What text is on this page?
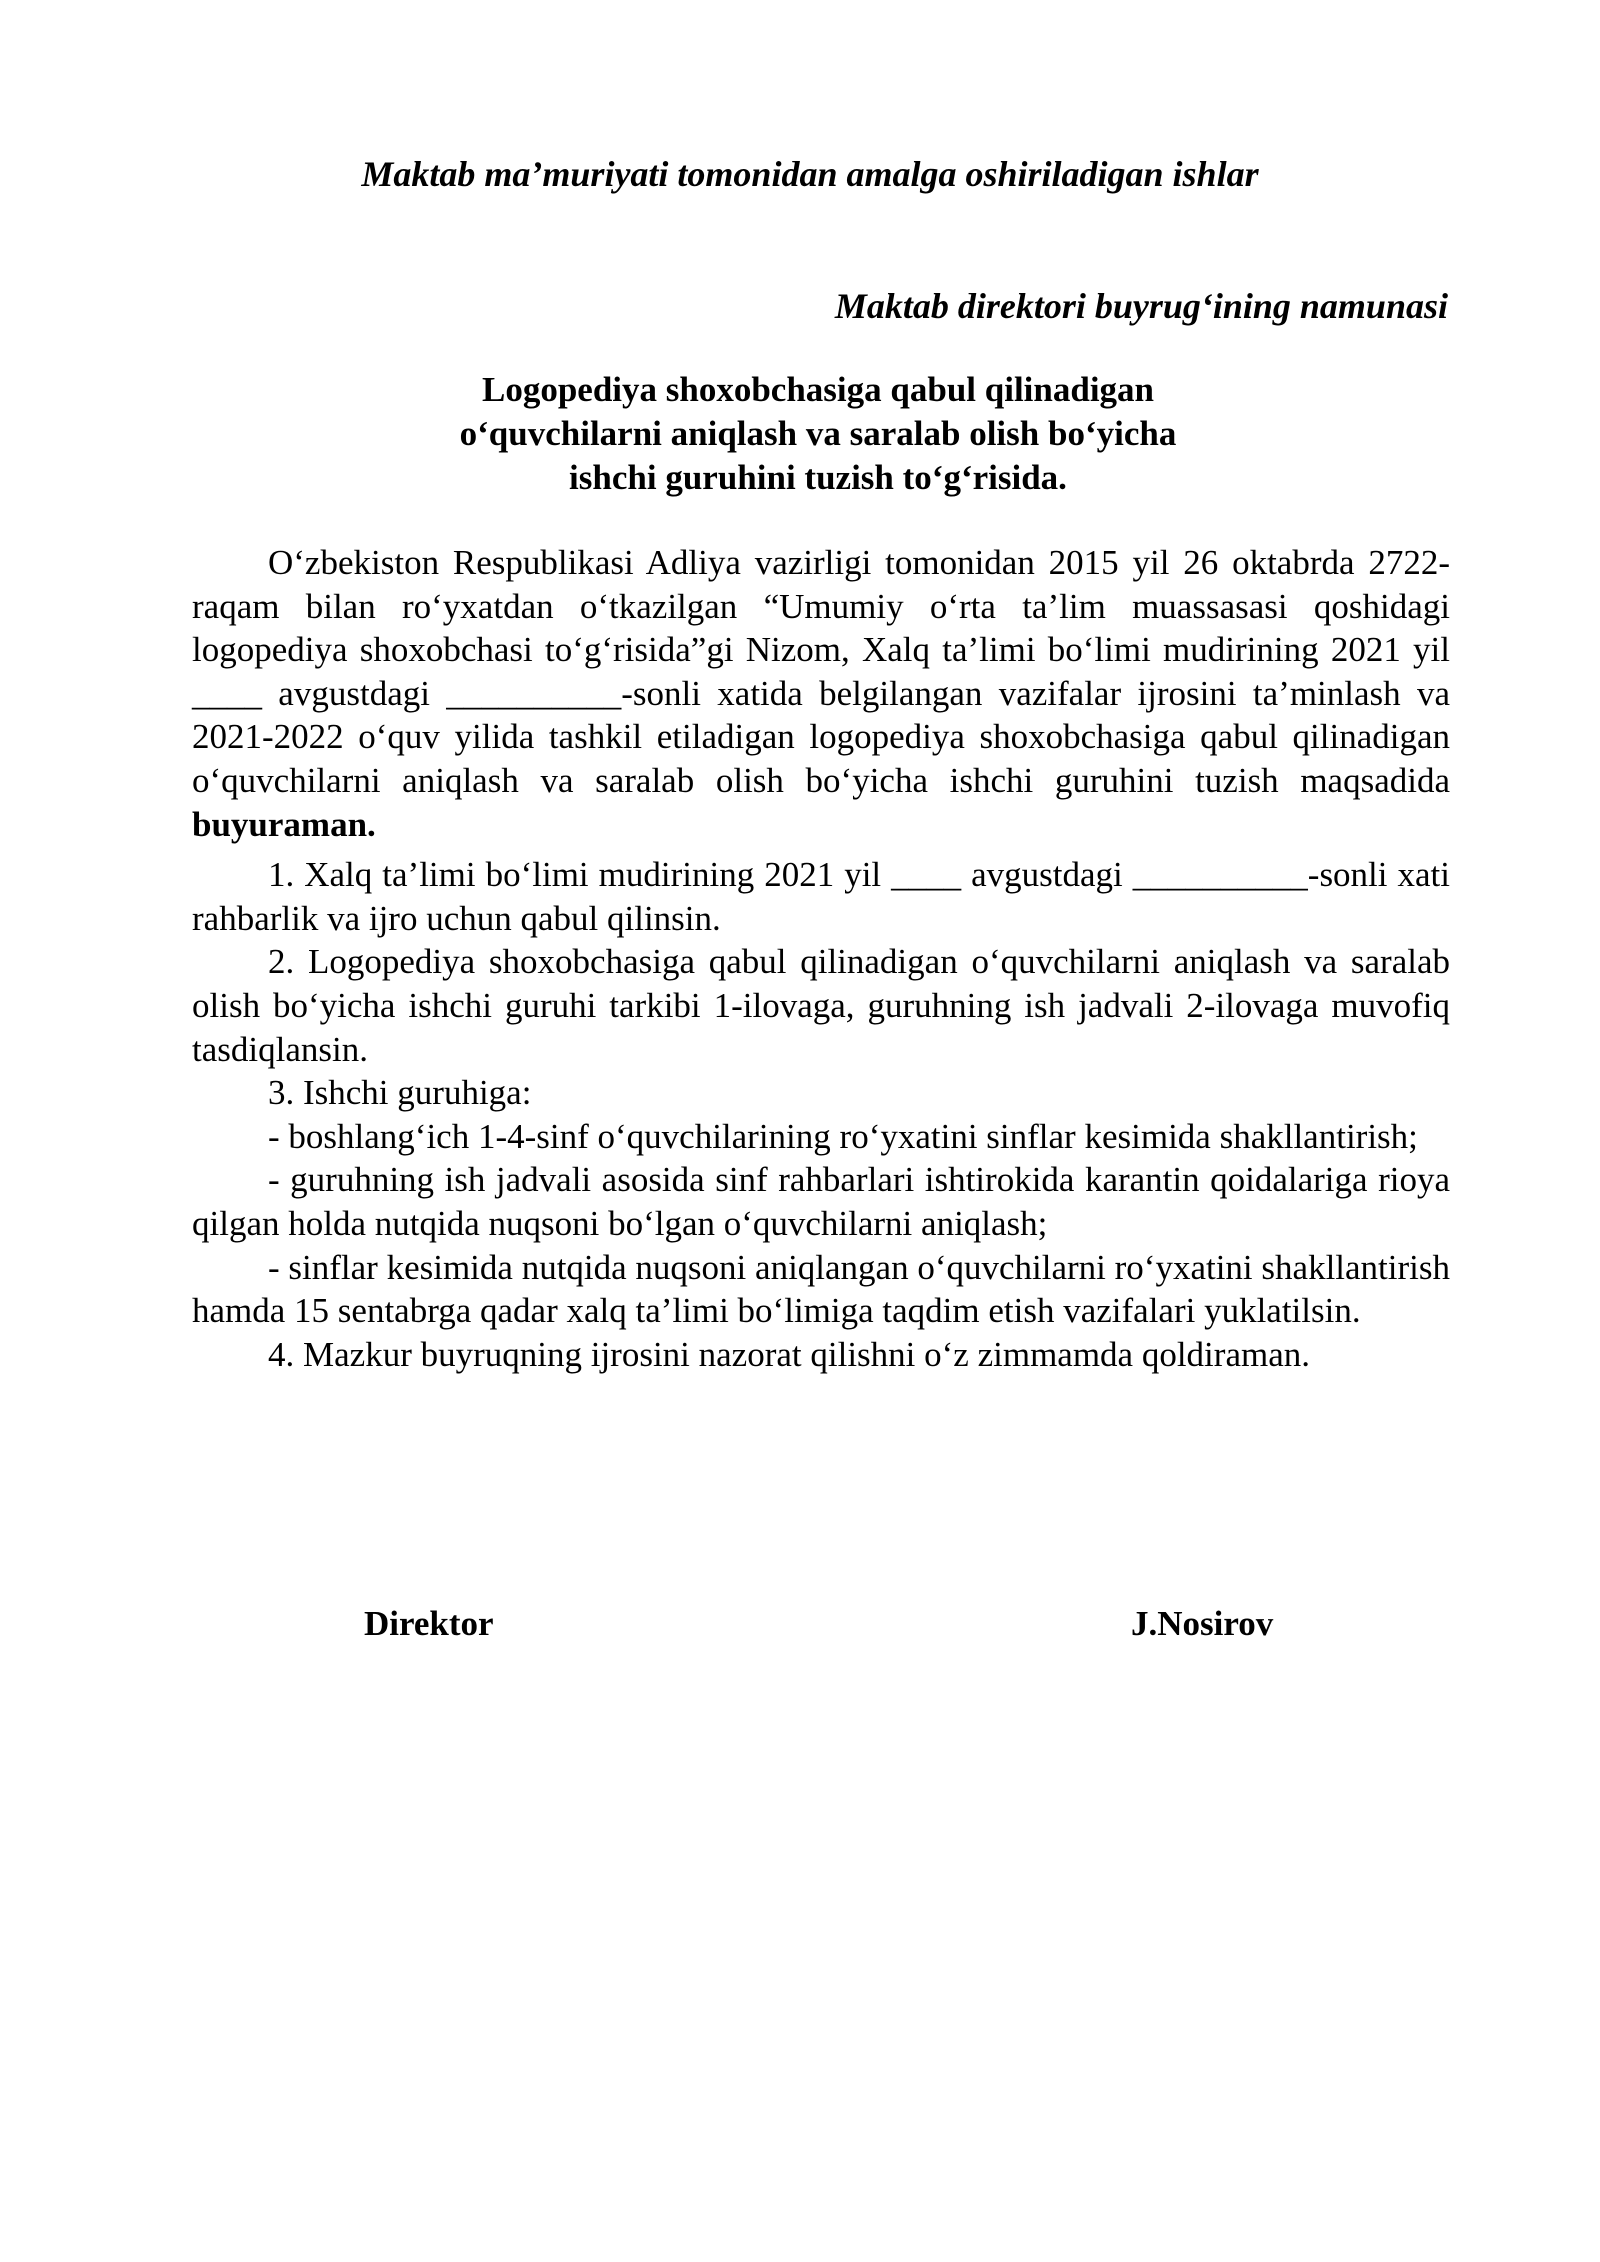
Maktab ma’muriyati tomonidan amalga oshiriladigan ishlar
Maktab direktori buyrug‘ining namunasi
Logopediya shoxobchasiga qabul qilinadigan
o‘quvchilarni aniqlash va saralab olish bo‘yicha
ishchi guruhini tuzish to‘g‘risida.

O‘zbekiston Respublikasi Adliya vazirligi tomonidan 2015 yil 26 oktabrda 2722-raqam bilan ro‘yxatdan o‘tkazilgan “Umumiy o‘rta ta’lim muassasasi qoshidagi logopediya shoxobchasi to‘g‘risida”gi Nizom, Xalq ta’limi bo‘limi mudirining 2021 yil ____ avgustdagi __________-sonli xatida belgilangan vazifalar ijrosini ta’minlash va 2021-2022 o‘quv yilida tashkil etiladigan logopediya shoxobchasiga qabul qilinadigan o‘quvchilarni aniqlash va saralab olish bo‘yicha ishchi guruhini tuzish maqsadida buyuraman.

1. Xalq ta’limi bo‘limi mudirining 2021 yil ____ avgustdagi __________-sonli xati rahbarlik va ijro uchun qabul qilinsin.

2. Logopediya shoxobchasiga qabul qilinadigan o‘quvchilarni aniqlash va saralab olish bo‘yicha ishchi guruhi tarkibi 1-ilovaga, guruhning ish jadvali 2-ilovaga muvofiq tasdiqlansin.

3. Ishchi guruhiga:

- boshlang‘ich 1-4-sinf o‘quvchilarining ro‘yxatini sinflar kesimida shakllantirish;

- guruhning ish jadvali asosida sinf rahbarlari ishtirokida karantin qoidalariga rioya qilgan holda nutqida nuqsoni bo‘lgan o‘quvchilarni aniqlash;

- sinflar kesimida nutqida nuqsoni aniqlangan o‘quvchilarni ro‘yxatini shakllantirish hamda 15 sentabrga qadar xalq ta’limi bo‘limiga taqdim etish vazifalari yuklatilsin.

4. Mazkur buyruqning ijrosini nazorat qilishni o‘z zimmamda qoldiraman.

Direktor	J.Nosirov
